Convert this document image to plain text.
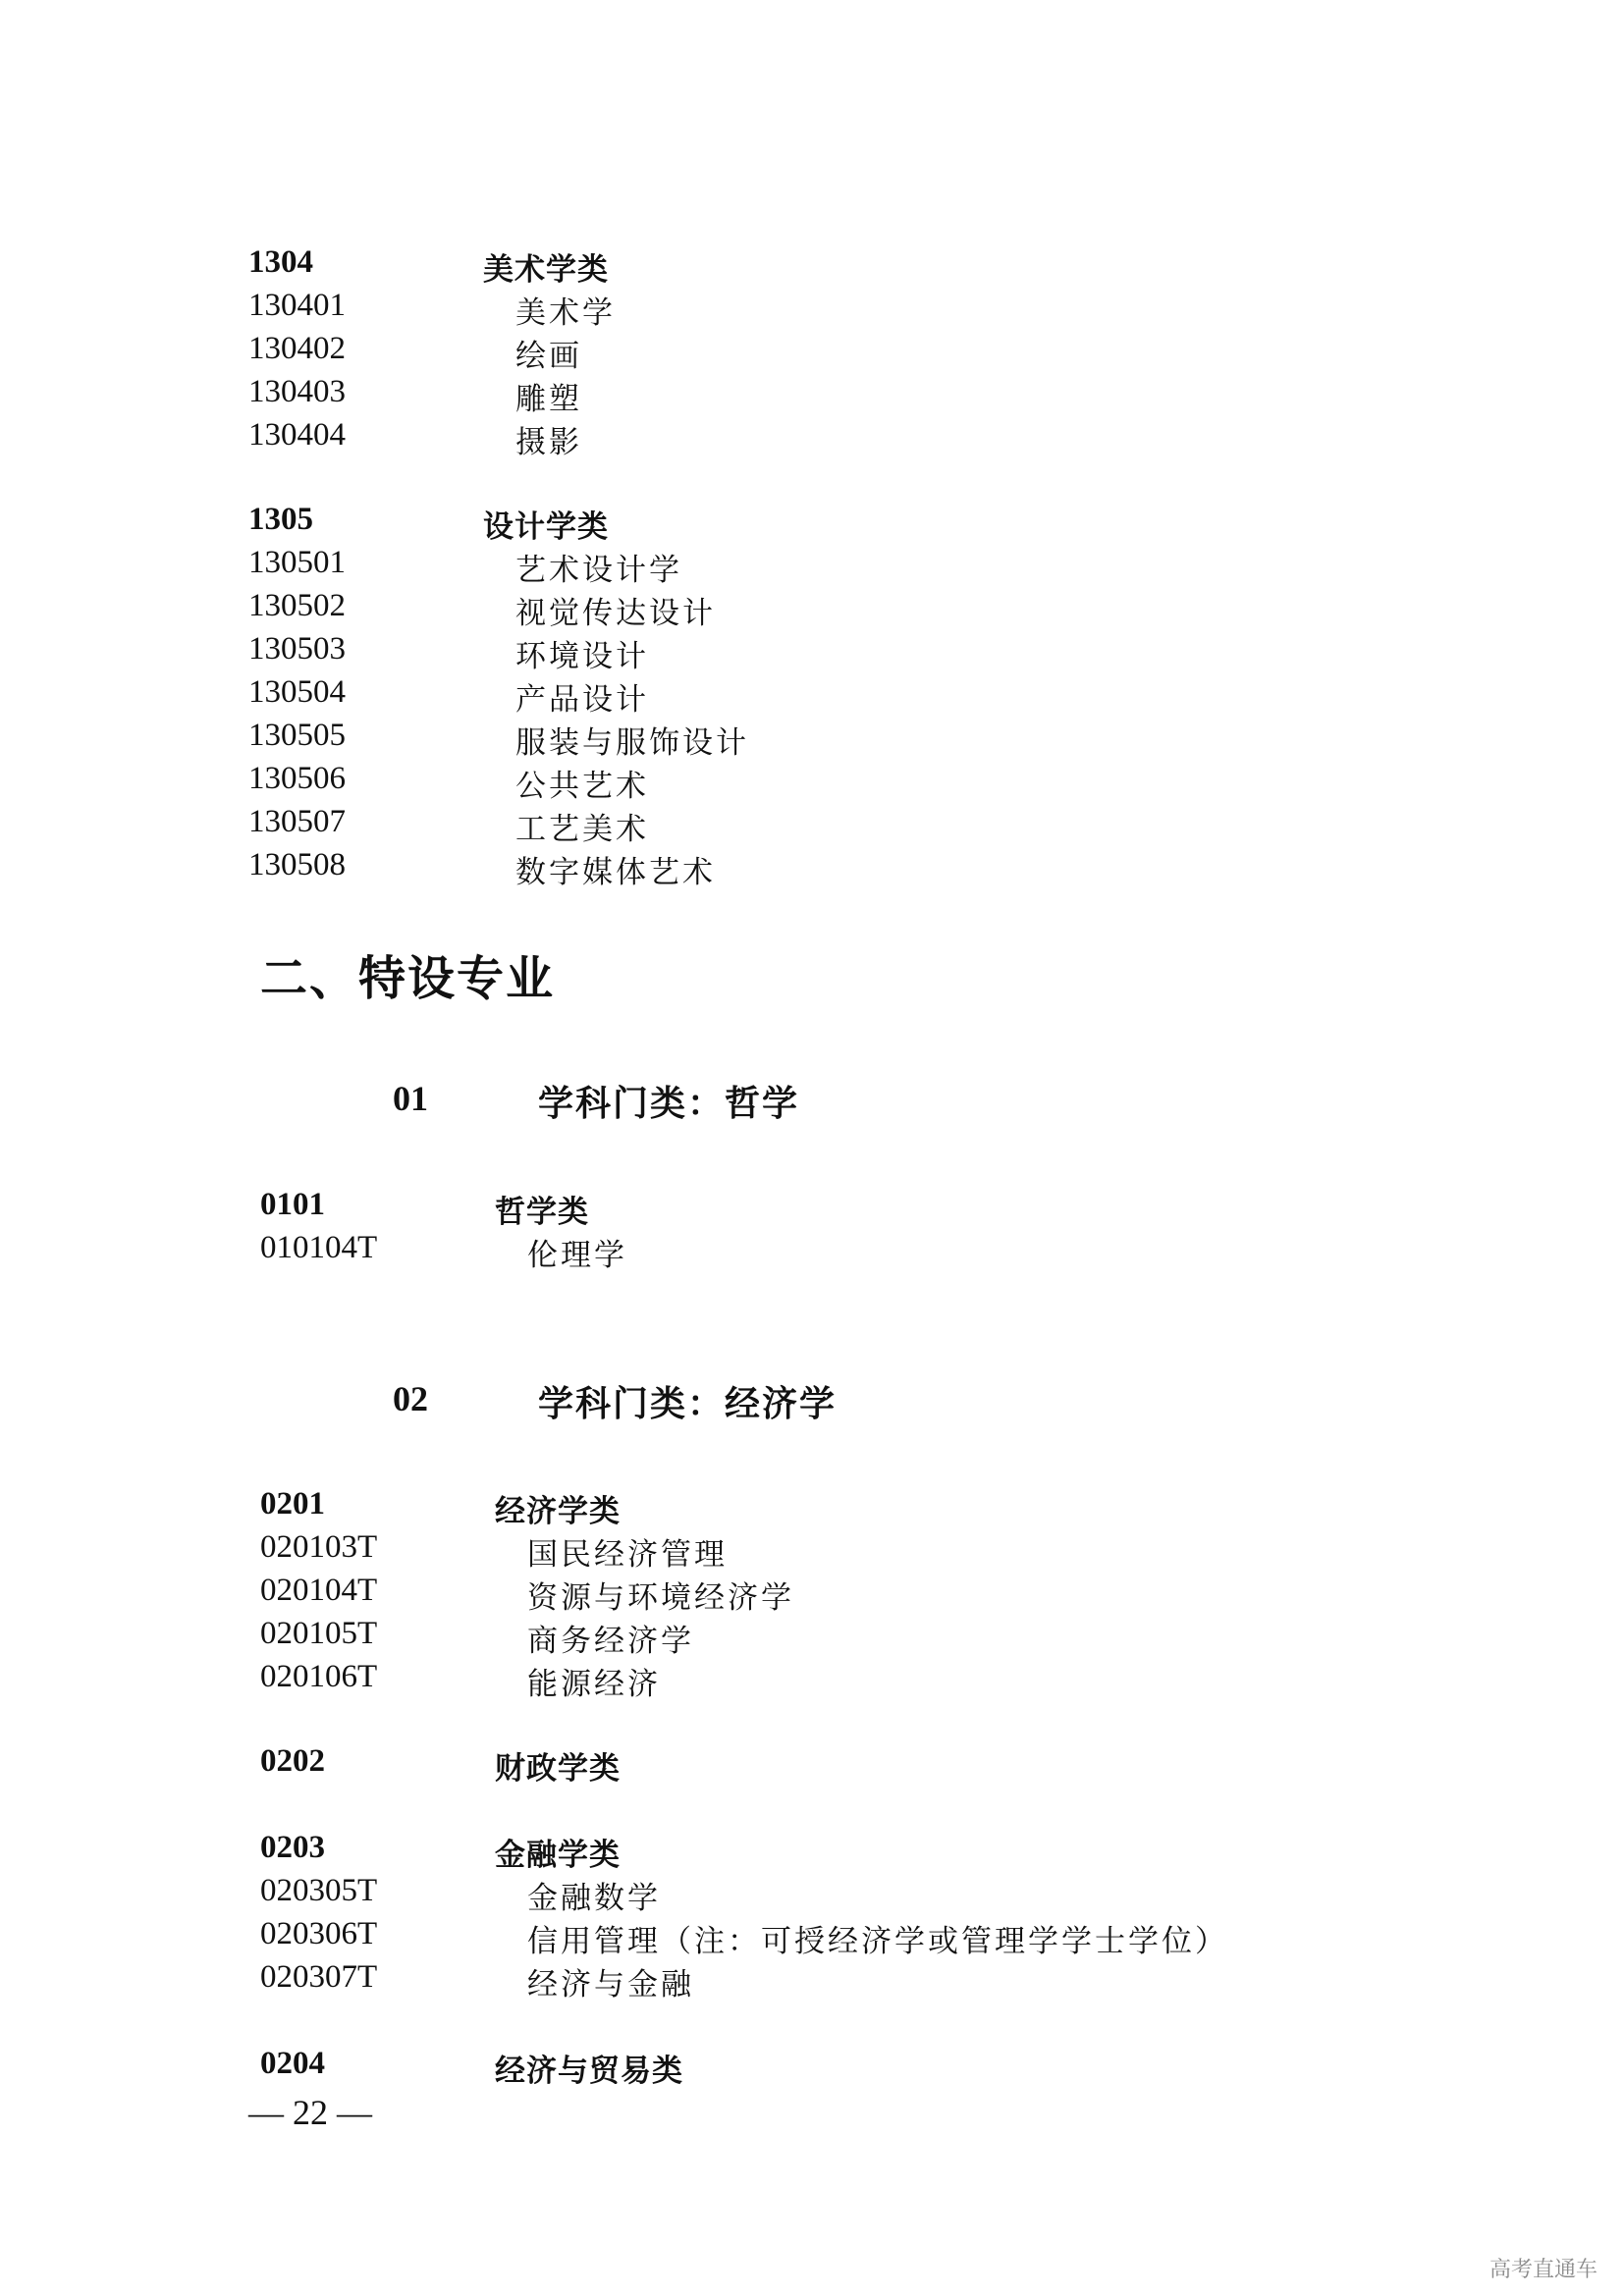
1304	美术学类
130401	美术学
130402	绘画
130403	雕塑
130404	摄影
1305	设计学类
130501	艺术设计学
130502	视觉传达设计
130503	环境设计
130504	产品设计
130505	服装与服饰设计
130506	公共艺术
130507	工艺美术
130508	数字媒体艺术
二、特设专业
01	学科门类：哲学
0101	哲学类
010104T	伦理学
02	学科门类：经济学
0201	经济学类
020103T	国民经济管理
020104T	资源与环境经济学
020105T	商务经济学
020106T	能源经济
0202	财政学类
0203	金融学类
020305T	金融数学
020306T	信用管理（注：可授经济学或管理学学士学位）
020307T	经济与金融
0204	经济与贸易类
— 22 —
高考直通车
